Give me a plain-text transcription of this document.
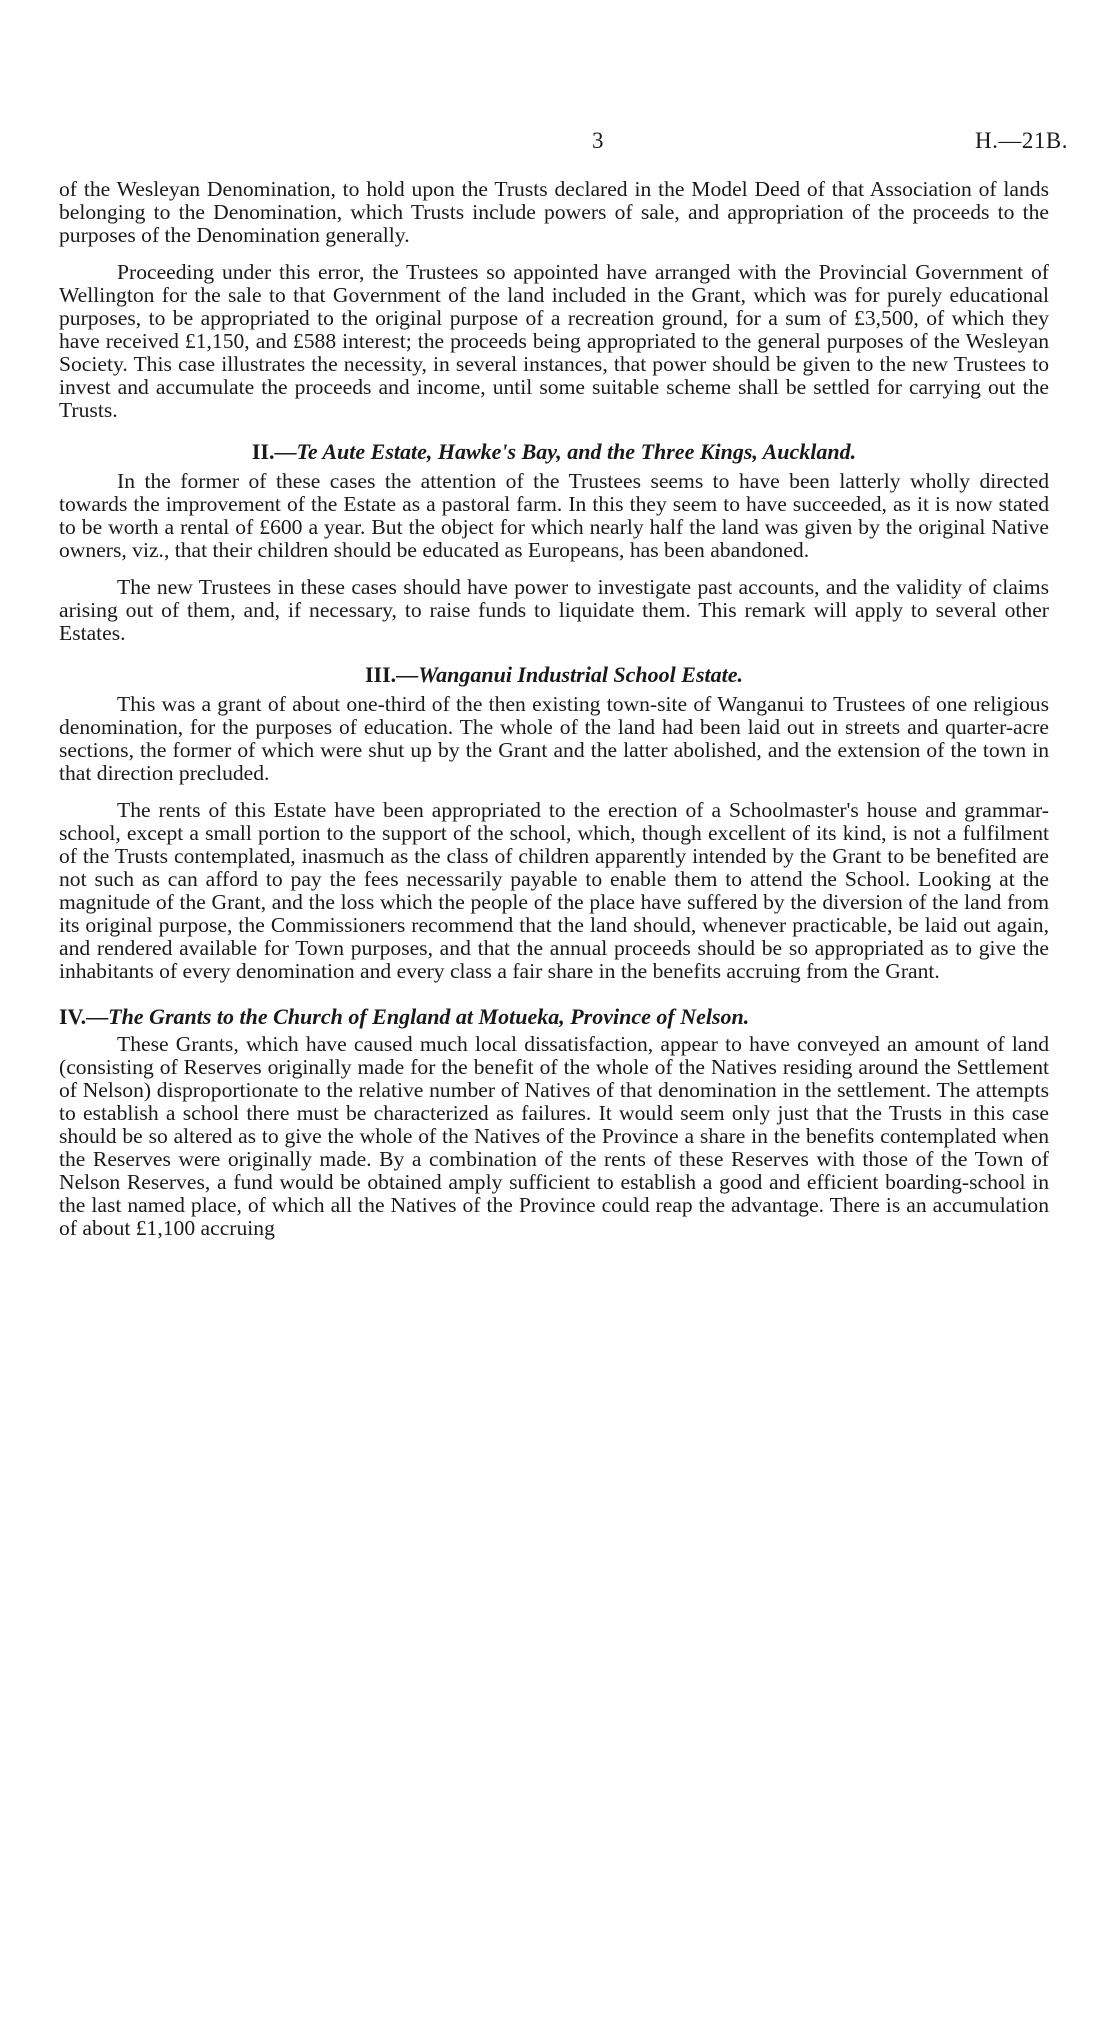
3	H.—21B.

of the Wesleyan Denomination, to hold upon the Trusts declared in the Model Deed of that Association of lands belonging to the Denomination, which Trusts include powers of sale, and appropriation of the proceeds to the purposes of the Denomination generally.

Proceeding under this error, the Trustees so appointed have arranged with the Provincial Government of Wellington for the sale to that Government of the land included in the Grant, which was for purely educational purposes, to be appropriated to the original purpose of a recreation ground, for a sum of £3,500, of which they have received £1,150, and £588 interest; the proceeds being appropriated to the general purposes of the Wesleyan Society. This case illustrates the necessity, in several instances, that power should be given to the new Trustees to invest and accumulate the proceeds and income, until some suitable scheme shall be settled for carrying out the Trusts.

II.—Te Aute Estate, Hawke's Bay, and the Three Kings, Auckland.

In the former of these cases the attention of the Trustees seems to have been latterly wholly directed towards the improvement of the Estate as a pastoral farm. In this they seem to have succeeded, as it is now stated to be worth a rental of £600 a year. But the object for which nearly half the land was given by the original Native owners, viz., that their children should be educated as Europeans, has been abandoned.

The new Trustees in these cases should have power to investigate past accounts, and the validity of claims arising out of them, and, if necessary, to raise funds to liquidate them. This remark will apply to several other Estates.

III.—Wanganui Industrial School Estate.

This was a grant of about one-third of the then existing town-site of Wanganui to Trustees of one religious denomination, for the purposes of education. The whole of the land had been laid out in streets and quarter-acre sections, the former of which were shut up by the Grant and the latter abolished, and the extension of the town in that direction precluded.

The rents of this Estate have been appropriated to the erection of a Schoolmaster's house and grammar-school, except a small portion to the support of the school, which, though excellent of its kind, is not a fulfilment of the Trusts contemplated, inasmuch as the class of children apparently intended by the Grant to be benefited are not such as can afford to pay the fees necessarily payable to enable them to attend the School. Looking at the magnitude of the Grant, and the loss which the people of the place have suffered by the diversion of the land from its original purpose, the Commissioners recommend that the land should, whenever practicable, be laid out again, and rendered available for Town purposes, and that the annual proceeds should be so appropriated as to give the inhabitants of every denomination and every class a fair share in the benefits accruing from the Grant.

IV.—The Grants to the Church of England at Motueka, Province of Nelson.

These Grants, which have caused much local dissatisfaction, appear to have conveyed an amount of land (consisting of Reserves originally made for the benefit of the whole of the Natives residing around the Settlement of Nelson) disproportionate to the relative number of Natives of that denomination in the settlement. The attempts to establish a school there must be characterized as failures. It would seem only just that the Trusts in this case should be so altered as to give the whole of the Natives of the Province a share in the benefits contemplated when the Reserves were originally made. By a combination of the rents of these Reserves with those of the Town of Nelson Reserves, a fund would be obtained amply sufficient to establish a good and efficient boarding-school in the last named place, of which all the Natives of the Province could reap the advantage. There is an accumulation of about £1,100 accruing
